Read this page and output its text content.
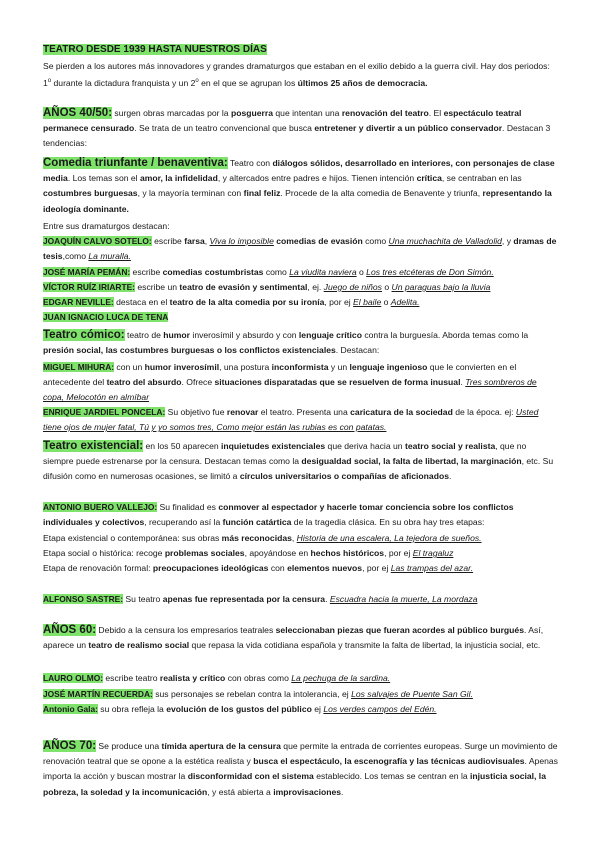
TEATRO DESDE 1939 HASTA NUESTROS DÍAS

Se pierden a los autores más innovadores y grandes dramaturgos que estaban en el exilio debido a la guerra civil. Hay dos periodos: 1$^o$ durante la dictadura franquista y un 2$^o$ en el que se agrupan los últimos 25 años de democracia.

AÑOS 40/50: surgen obras marcadas por la posguerra que intentan una renovación del teatro. El espectáculo teatral permanece censurado. Se trata de un teatro convencional que busca entretener y divertir a un público conservador. Destacan 3 tendencias:

Comedia triunfante / benaventiva: Teatro con diálogos sólidos, desarrollado en interiores, con personajes de clase media. Los temas son el amor, la infidelidad, y altercados entre padres e hijos. Tienen intención crítica, se centraban en las costumbres burguesas, y la mayoría terminan con final feliz. Procede de la alta comedia de Benavente y triunfa, representando la ideología dominante.

Entre sus dramaturgos destacan:

JOAQUÍN CALVO SOTELO: escribe farsa, Viva lo imposible comedias de evasión como Una muchachita de Valladolid, y dramas de tesis,como La muralla.

JOSÉ MARÍA PEMÁN: escribe comedias costumbristas como La viudita naviera o Los tres etcéteras de Don Simón.

VÍCTOR RUÍZ IRIARTE: escribe un teatro de evasión y sentimental, ej. Juego de niños o Un paraguas bajo la lluvia

EDGAR NEVILLE: destaca en el teatro de la alta comedia por su ironía, por ej El baile o Adelita.

JUAN IGNACIO LUCA DE TENA

Teatro cómico: teatro de humor inverosímil y absurdo y con lenguaje crítico contra la burguesía. Aborda temas como la presión social, las costumbres burguesas o los conflictos existenciales. Destacan:

MIGUEL MIHURA: con un humor inverosímil, una postura inconformista y un lenguaje ingenioso que le convierten en el antecedente del teatro del absurdo. Ofrece situaciones disparatadas que se resuelven de forma inusual. Tres sombreros de copa, Melocotón en almíbar

ENRIQUE JARDIEL PONCELA: Su objetivo fue renovar el teatro. Presenta una caricatura de la sociedad de la época. ej: Usted tiene ojos de mujer fatal, Tú y yo somos tres, Como mejor están las rubias es con patatas.

Teatro existencial: en los 50 aparecen inquietudes existenciales que deriva hacia un teatro social y realista, que no siempre puede estrenarse por la censura. Destacan temas como la desigualdad social, la falta de libertad, la marginación, etc. Su difusión como en numerosas ocasiones, se limitó a círculos universitarios o compañías de aficionados.

ANTONIO BUERO VALLEJO: Su finalidad es conmover al espectador y hacerle tomar conciencia sobre los conflictos individuales y colectivos, recuperando así la función catártica de la tragedia clásica. En su obra hay tres etapas:

Etapa existencial o contemporánea: sus obras más reconocidas, Historia de una escalera, La tejedora de sueños.

Etapa social o histórica: recoge problemas sociales, apoyándose en hechos históricos, por ej El tragaluz

Etapa de renovación formal: preocupaciones ideológicas con elementos nuevos, por ej Las trampas del azar.

ALFONSO SASTRE: Su teatro apenas fue representada por la censura. Escuadra hacia la muerte, La mordaza

AÑOS 60: Debido a la censura los empresarios teatrales seleccionaban piezas que fueran acordes al público burgués. Así, aparece un teatro de realismo social que repasa la vida cotidiana española y transmite la falta de libertad, la injusticia social, etc.

LAURO OLMO: escribe teatro realista y crítico con obras como La pechuga de la sardina.

JOSÉ MARTÍN RECUERDA: sus personajes se rebelan contra la intolerancia, ej Los salvajes de Puente San Gil.

Antonio Gala: su obra refleja la evolución de los gustos del público ej Los verdes campos del Edén.

AÑOS 70: Se produce una tímida apertura de la censura que permite la entrada de corrientes europeas. Surge un movimiento de renovación teatral que se opone a la estética realista y busca el espectáculo, la escenografía y las técnicas audiovisuales. Apenas importa la acción y buscan mostrar la disconformidad con el sistema establecido. Los temas se centran en la injusticia social, la pobreza, la soledad y la incomunicación, y está abierta a improvisaciones.
